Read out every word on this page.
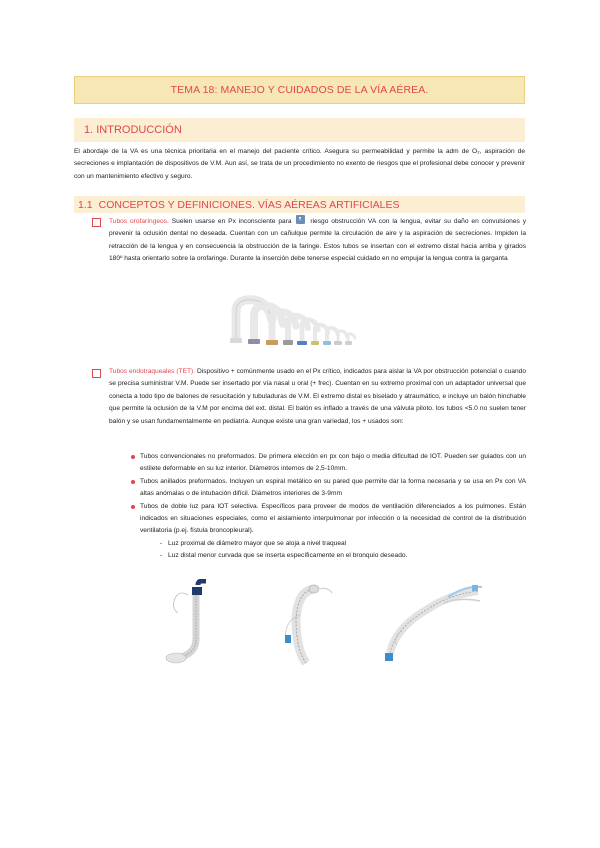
TEMA 18: MANEJO Y CUIDADOS DE LA VÍA AÉREA.
1. INTRODUCCIÓN
El abordaje de la VA es una técnica prioritaria en el manejo del paciente crítico. Asegura su permeabilidad y permite la adm de O₂, aspiración de secreciones e implantación de dispositivos de V.M. Aun así, se trata de un procedimiento no exento de riesgos que el profesional debe conocer y prevenir con un mantenimiento efectivo y seguro.
1.1 CONCEPTOS Y DEFINICIONES. VÍAS AÉREAS ARTIFICIALES
Tubos orofaríngeos. Suelen usarse en Px inconsciente para  riesgo obstrucción VA con la lengua, evitar su daño en convulsiones y prevenir la oclusión dental no deseada. Cuentan con un cañulque permite la circulación de aire y la aspiración de secreciones. Impiden la retracción de la lengua y en consecuencia la obstrucción de la faringe. Estos tubos se insertan con el extremo distal hacia arriba y girados 180º hasta orientarlo sobre la orofaringe. Durante la inserción debe tenerse especial cuidado en no empujar la lengua contra la garganta
Tubos endotraqueales (TET). Dispositivo + comúnmente usado en el Px crítico, indicados para aislar la VA por obstrucción potencial o cuando se precisa suministrar V.M. Puede ser insertado por vía nasal u oral (+ frec). Cuentan en su extremo proximal con un adaptador universal que conecta a todo tipo de balones de resucitación y tubuladuras de V.M. El extremo distal es biselado y atraumático, e incluye un balón hinchable que permite la oclusión de la V.M por encima del ext. distal. El balón es inflado a través de una válvula piloto. los tubos <5.0 no suelen tener balón y se usan fundamentalmente en pediatría. Aunque existe una gran variedad, los + usados son:
Tubos convencionales no preformados. De primera elección en px con bajo o media dificultad de IOT. Pueden ser guiados con un estilete deformable en su luz interior. Diámetros internos de 2,5-10mm.
Tubos anillados preformados. Incluyen un espiral metálico en su pared que permite dar la forma necesaria y se usa en Px con VA altas anómalas o de intubación difícil. Diámetros interiores de 3-9mm
Tubos de doble luz para IOT selectiva. Específicos para proveer de modos de ventilación diferenciados a los pulmones. Están indicados en situaciones especiales, como el aislamiento interpulmonar por infección o la necesidad de control de la distribución ventilatoria (p.ej. fístula broncopleural).
- Luz proximal de diámetro mayor que se aloja a nivel traqueal
- Luz distal menor curvada que se inserta específicamente en el bronquio deseado.
